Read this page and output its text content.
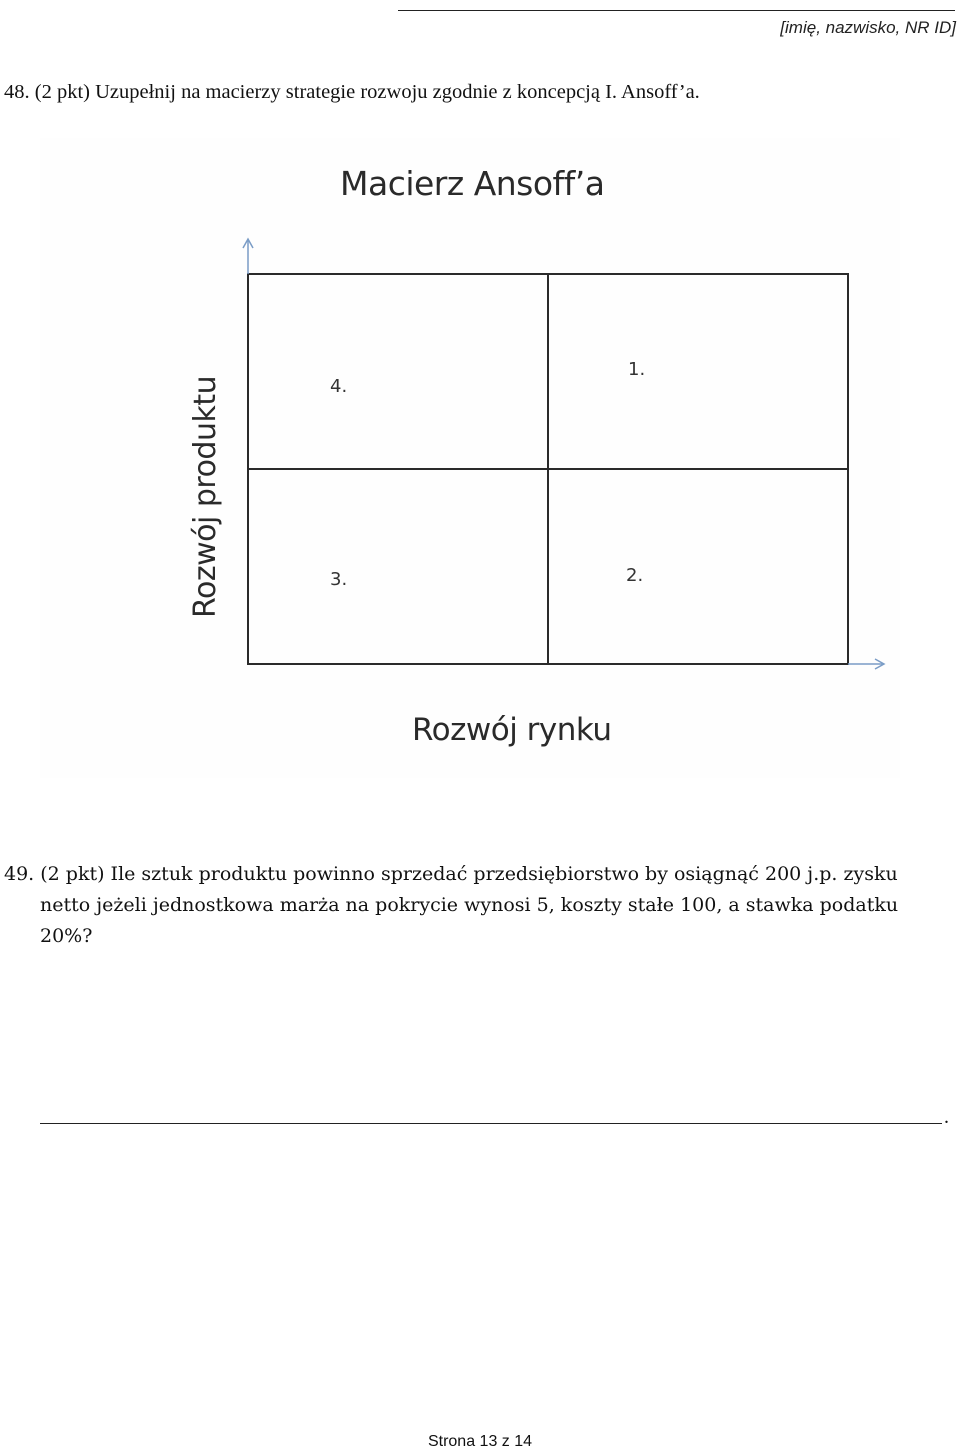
[imię, nazwisko, NR ID]
48. (2 pkt) Uzupełnij na macierzy strategie rozwoju zgodnie z koncepcją I. Ansoff’a.
Macierz Ansoff’a
4.
1.
3.	2.
Rozwój produktu
Rozwój rynku
49. (2 pkt) Ile sztuk produktu powinno sprzedać przedsiębiorstwo by osiągnąć 200 j.p. zysku
netto jeżeli jednostkowa marża na pokrycie wynosi 5, koszty stałe 100, a stawka podatku
20%?
.
Strona 13 z 14
